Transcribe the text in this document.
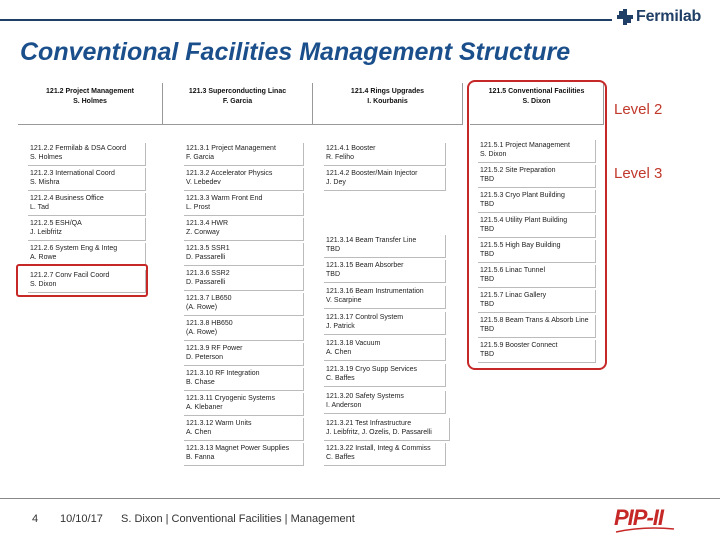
Fermilab
Conventional Facilities Management Structure
121.2 Project Management
S. Holmes
121.3 Superconducting Linac
F. Garcia
121.4 Rings Upgrades
I. Kourbanis
121.5 Conventional Facilities
S. Dixon	Level 2
Level 3
121.2.2 Fermilab & DSA Coord
S. Holmes
121.2.3 International Coord
S. Mishra
121.2.4 Business Office
L. Tad
121.2.5 ESH/QA
J. Leibfritz
121.2.6 System Eng & Integ
A. Rowe
121.2.7 Conv Facil Coord
S. Dixon
121.3.1 Project Management
F. Garcia
121.3.2 Accelerator Physics
V. Lebedev
121.3.3 Warm Front End
L. Prost
121.3.4 HWR
Z. Conway
121.3.5 SSR1
D. Passarelli
121.3.6 SSR2
D. Passarelli
121.3.7 LB650
(A. Rowe)
121.3.8 HB650
(A. Rowe)
121.3.9 RF Power
D. Peterson
121.3.10 RF Integration
B. Chase
121.3.11 Cryogenic Systems
A. Klebaner
121.3.12 Warm Units
A. Chen
121.3.13 Magnet Power Supplies
B. Fanna
121.4.1 Booster
R. Feliho
121.4.2 Booster/Main Injector
J. Dey
121.3.14 Beam Transfer Line
TBD
121.3.15 Beam Absorber
TBD
121.3.16 Beam Instrumentation
V. Scarpine
121.3.17 Control System
J. Patrick
121.3.18 Vacuum
A. Chen
121.3.19 Cryo Supp Services
C. Baffes
121.3.20 Safety Systems
I. Anderson
121.3.21 Test Infrastructure
J. Leibfritz, J. Ozelis, D. Passarelli
121.3.22 Install, Integ & Commiss
C. Baffes
121.5.1 Project Management
S. Dixon
121.5.2 Site Preparation
TBD
121.5.3 Cryo Plant Building
TBD
121.5.4 Utility Plant Building
TBD
121.5.5 High Bay Building
TBD
121.5.6 Linac Tunnel
TBD
121.5.7 Linac Gallery
TBD
121.5.8 Beam Trans & Absorb Line
TBD
121.5.9 Booster Connect
TBD
4 10/10/17 S. Dixon | Conventional Facilities | Management	PIP-II
